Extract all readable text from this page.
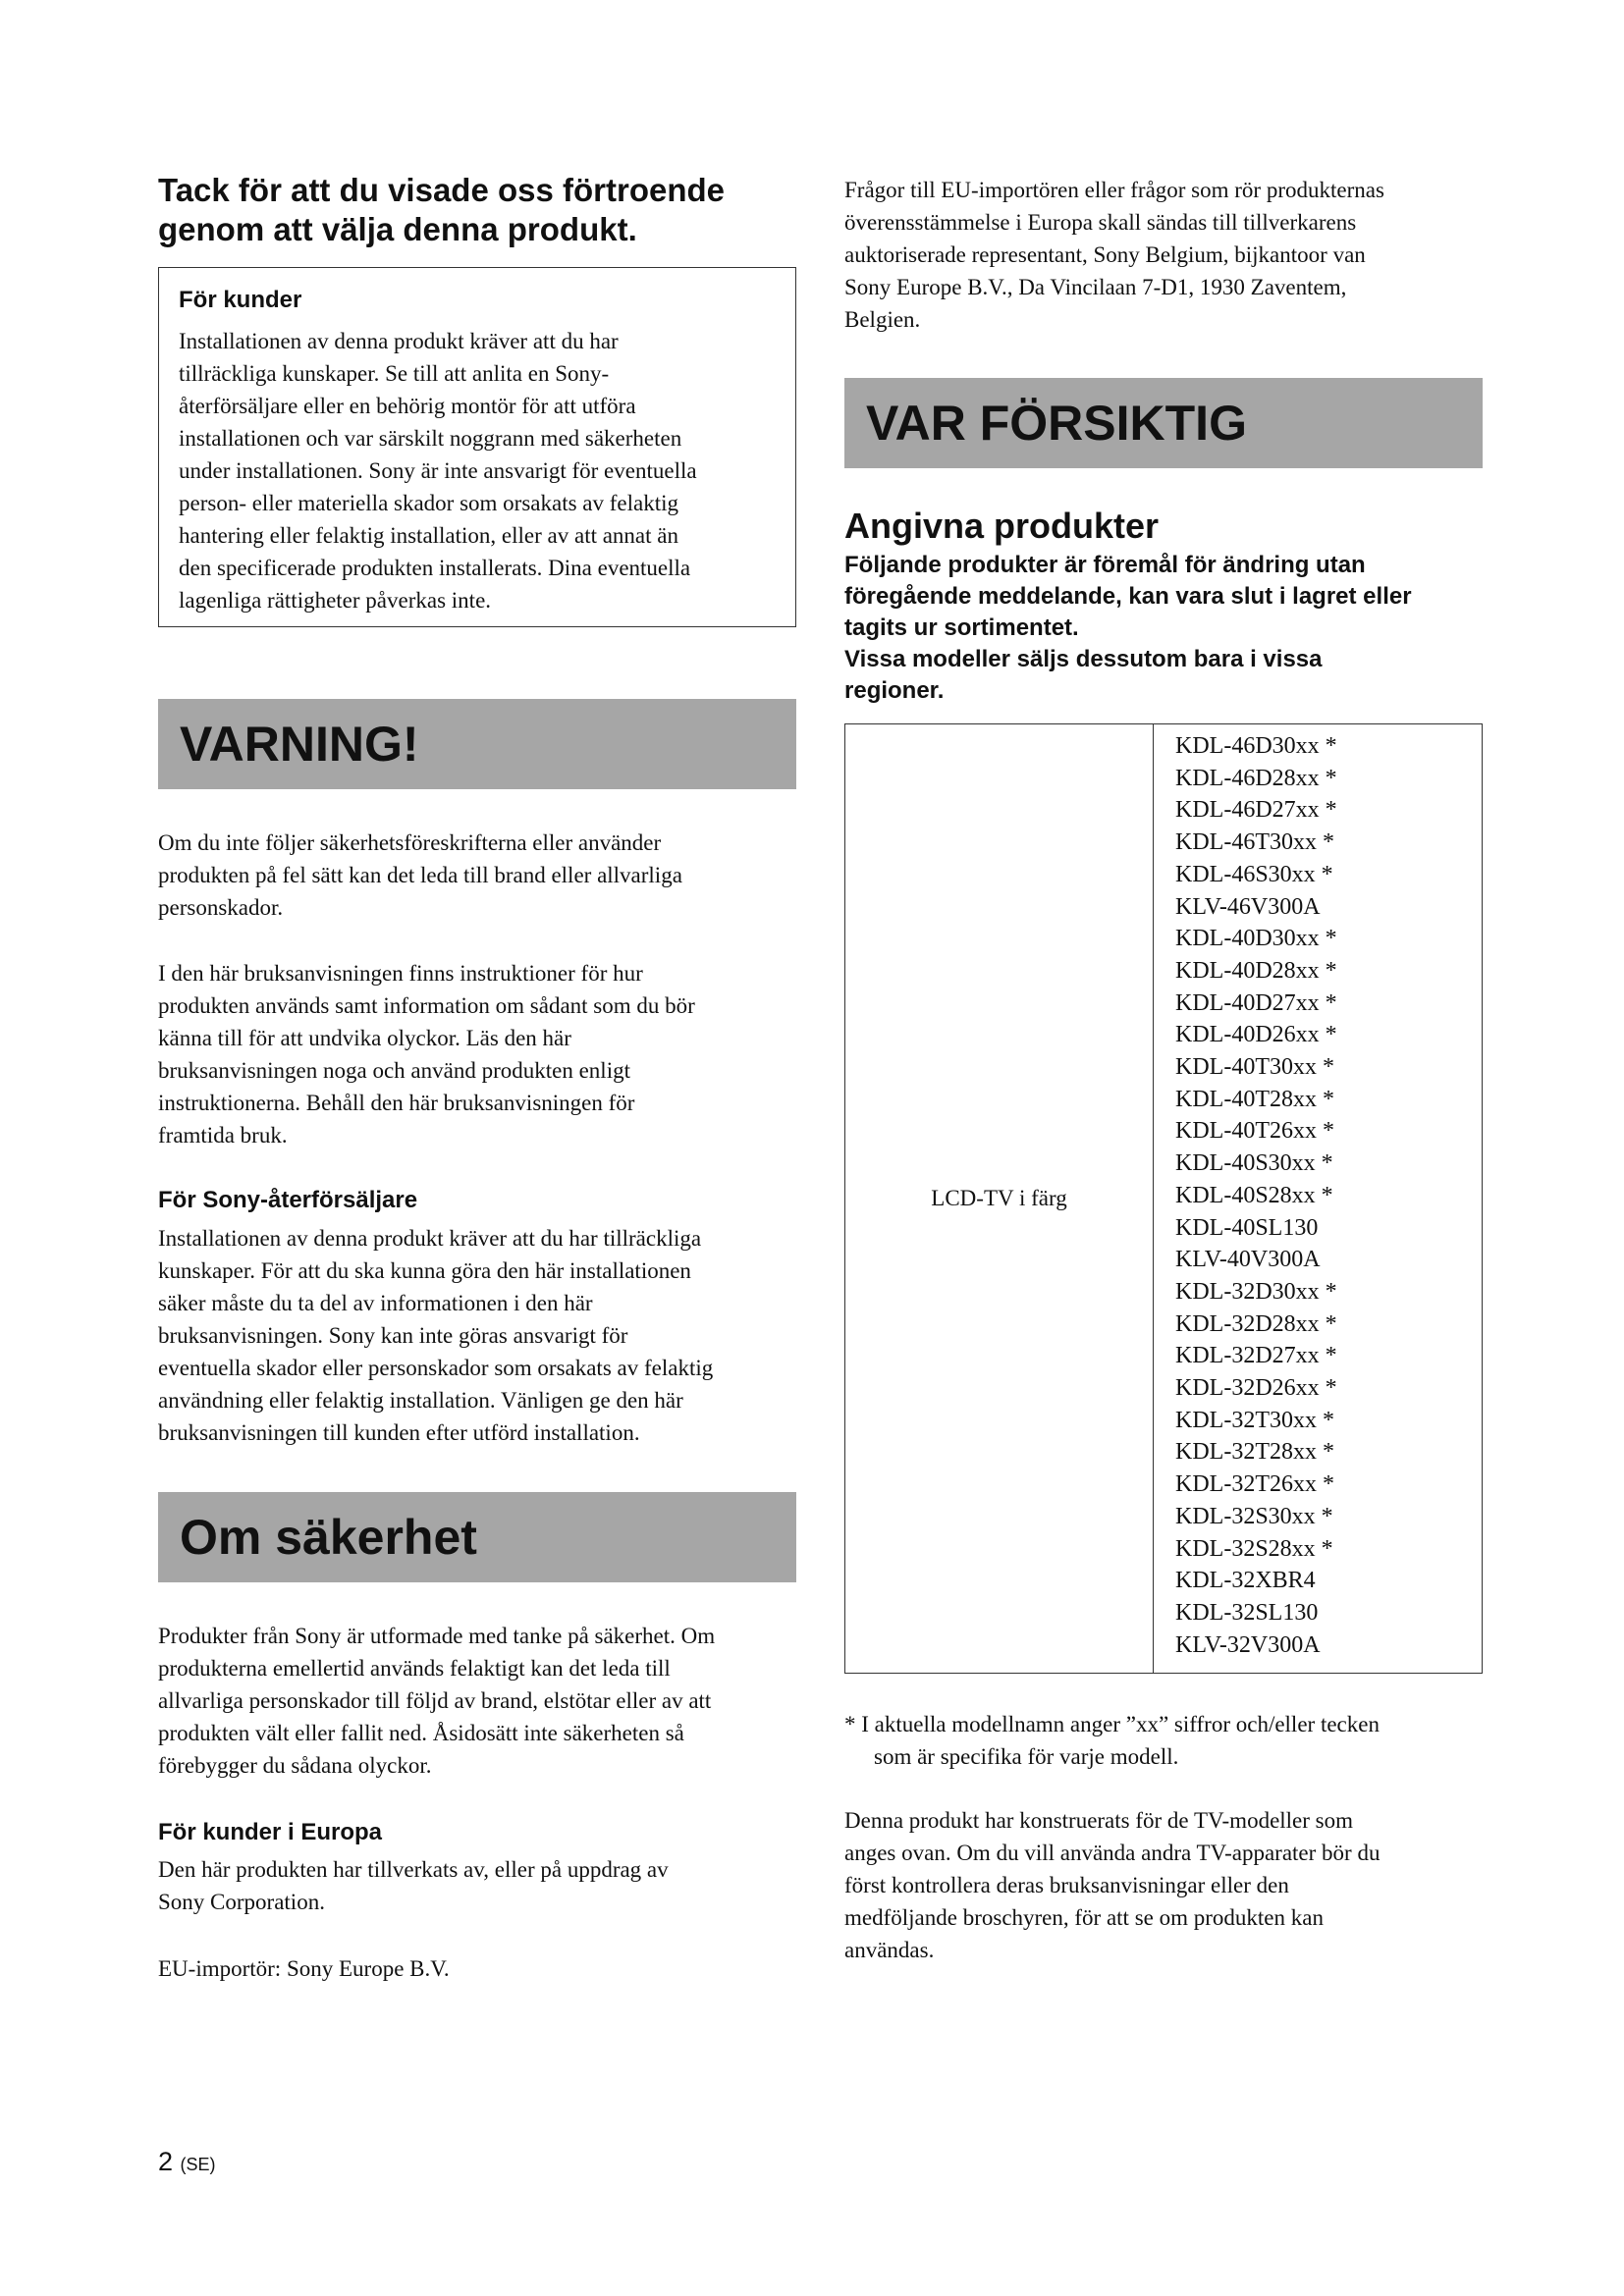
Tack för att du visade oss förtroende
genom att välja denna produkt.

För kunder

Installationen av denna produkt kräver att du har
tillräckliga kunskaper. Se till att anlita en Sony-
återförsäljare eller en behörig montör för att utföra
installationen och var särskilt noggrann med säkerheten
under installationen. Sony är inte ansvarigt för eventuella
person- eller materiella skador som orsakats av felaktig
hantering eller felaktig installation, eller av att annat än
den specificerade produkten installerats. Dina eventuella
lagenliga rättigheter påverkas inte.

VARNING!

Om du inte följer säkerhetsföreskrifterna eller använder
produkten på fel sätt kan det leda till brand eller allvarliga
personskador.

I den här bruksanvisningen finns instruktioner för hur
produkten används samt information om sådant som du bör
känna till för att undvika olyckor. Läs den här
bruksanvisningen noga och använd produkten enligt
instruktionerna. Behåll den här bruksanvisningen för
framtida bruk.

För Sony-återförsäljare

Installationen av denna produkt kräver att du har tillräckliga
kunskaper. För att du ska kunna göra den här installationen
säker måste du ta del av informationen i den här
bruksanvisningen. Sony kan inte göras ansvarigt för
eventuella skador eller personskador som orsakats av felaktig
användning eller felaktig installation. Vänligen ge den här
bruksanvisningen till kunden efter utförd installation.

Om säkerhet

Produkter från Sony är utformade med tanke på säkerhet. Om
produkterna emellertid används felaktigt kan det leda till
allvarliga personskador till följd av brand, elstötar eller av att
produkten vält eller fallit ned. Åsidosätt inte säkerheten så
förebygger du sådana olyckor.

För kunder i Europa

Den här produkten har tillverkats av, eller på uppdrag av
Sony Corporation.

EU-importör: Sony Europe B.V.

Frågor till EU-importören eller frågor som rör produkternas
överensstämmelse i Europa skall sändas till tillverkarens
auktoriserade representant, Sony Belgium, bijkantoor van
Sony Europe B.V., Da Vincilaan 7-D1, 1930 Zaventem,
Belgien.

VAR FÖRSIKTIG
Angivna produkter

Följande produkter är föremål för ändring utan
föregående meddelande, kan vara slut i lagret eller
tagits ur sortimentet.
Vissa modeller säljs dessutom bara i vissa
regioner.

LCD-TV i färg
KDL-46D30xx *
KDL-46D28xx *
KDL-46D27xx *
KDL-46T30xx *
KDL-46S30xx *
KLV-46V300A
KDL-40D30xx *
KDL-40D28xx *
KDL-40D27xx *
KDL-40D26xx *
KDL-40T30xx *
KDL-40T28xx *
KDL-40T26xx *
KDL-40S30xx *
KDL-40S28xx *
KDL-40SL130
KLV-40V300A
KDL-32D30xx *
KDL-32D28xx *
KDL-32D27xx *
KDL-32D26xx *
KDL-32T30xx *
KDL-32T28xx *
KDL-32T26xx *
KDL-32S30xx *
KDL-32S28xx *
KDL-32XBR4
KDL-32SL130
KLV-32V300A

* I aktuella modellnamn anger ”xx” siffror och/eller tecken
som är specifika för varje modell.

Denna produkt har konstruerats för de TV-modeller som
anges ovan. Om du vill använda andra TV-apparater bör du
först kontrollera deras bruksanvisningar eller den
medföljande broschyren, för att se om produkten kan
användas.

2 (SE)
